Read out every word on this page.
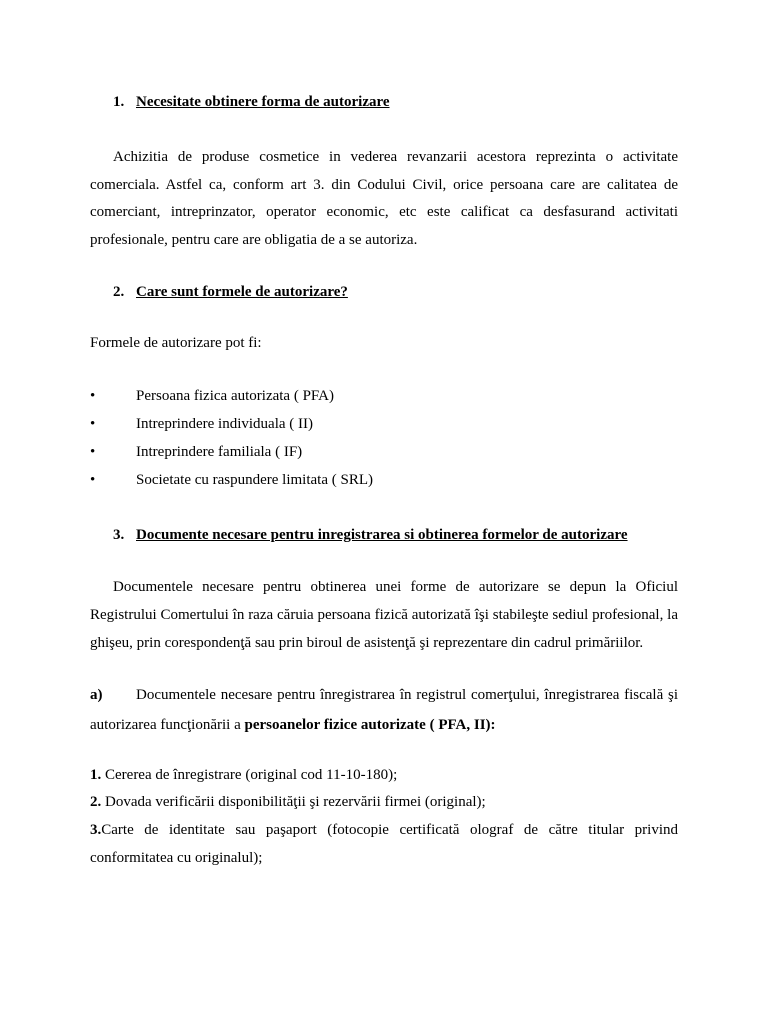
1. Necesitate obtinere forma de autorizare
Achizitia de produse cosmetice in vederea revanzarii acestora reprezinta o activitate comerciala. Astfel ca, conform art 3. din Codului Civil, orice persoana care are calitatea de comerciant, intreprinzator, operator economic, etc este calificat ca desfasurand activitati profesionale, pentru care are obligatia de a se autoriza.
2. Care sunt formele de autorizare?
Formele de autorizare pot fi:
•	Persoana fizica autorizata ( PFA)
•	Intreprindere individuala ( II)
•	Intreprindere familiala ( IF)
•	Societate cu raspundere limitata ( SRL)
3. Documente necesare pentru inregistrarea si obtinerea formelor de autorizare
Documentele necesare pentru obtinerea unei forme de autorizare se depun la Oficiul Registrului Comertului în raza căruia persoana fizică autorizată îşi stabileşte sediul profesional, la ghişeu, prin corespondenţă sau prin biroul de asistenţă şi reprezentare din cadrul primăriilor.
a) Documentele necesare pentru înregistrarea în registrul comerţului, înregistrarea fiscală şi
autorizarea funcţionării a persoanelor fizice autorizate ( PFA, II):
1. Cererea de înregistrare (original cod 11-10-180);
2. Dovada verificării disponibilităţii şi rezervării firmei (original);
3.Carte de identitate sau paşaport (fotocopie certificată olograf de către titular privind conformitatea cu originalul);
